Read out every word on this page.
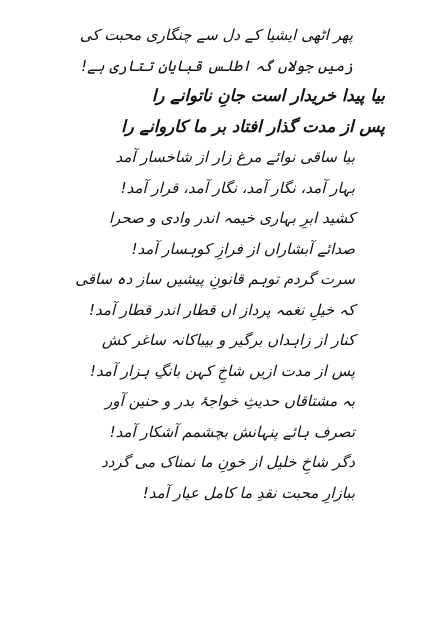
پھر اٹھی ایشیا کے دل سے چنگاری محبت کی
زمیں جولاں گہ اطلس قبایانِ تتاری ہے!
بیا پیدا خریدار است جانِ ناتوانے را
پس از مدت گذار افتاد بر ما کاروانے را
بیا ساقی نوائے مرغ زار از شاخسار آمد
بہار آمد، نگار آمد، نگار آمد، قرار آمد!
کشید ابرِ بہاری خیمہ اندر وادی و صحرا
صدائے آبشاراں از فرازِ کوہسار آمد!
سرت گردم توہم قانونِ پیشیں ساز دہ ساقی
کہ خیلِ نغمہ پرداز اں قطار اندر قطار آمد!
کنار از زاہداں برگیر و بیباکانہ ساغر کش
پس از مدت ازیں شاخِ کہن بانگِ ہزار آمد!
بہ مشتاقاں حدیثِ خواجۂ بدر و حنین آور
تصرف ہائے پنہانش بچشمم آشکار آمد!
دگر شاخِ خلیل از خونِ ما نمناک می گردد
ببازارِ محبت نقدِ ما کامل عیار آمد!
